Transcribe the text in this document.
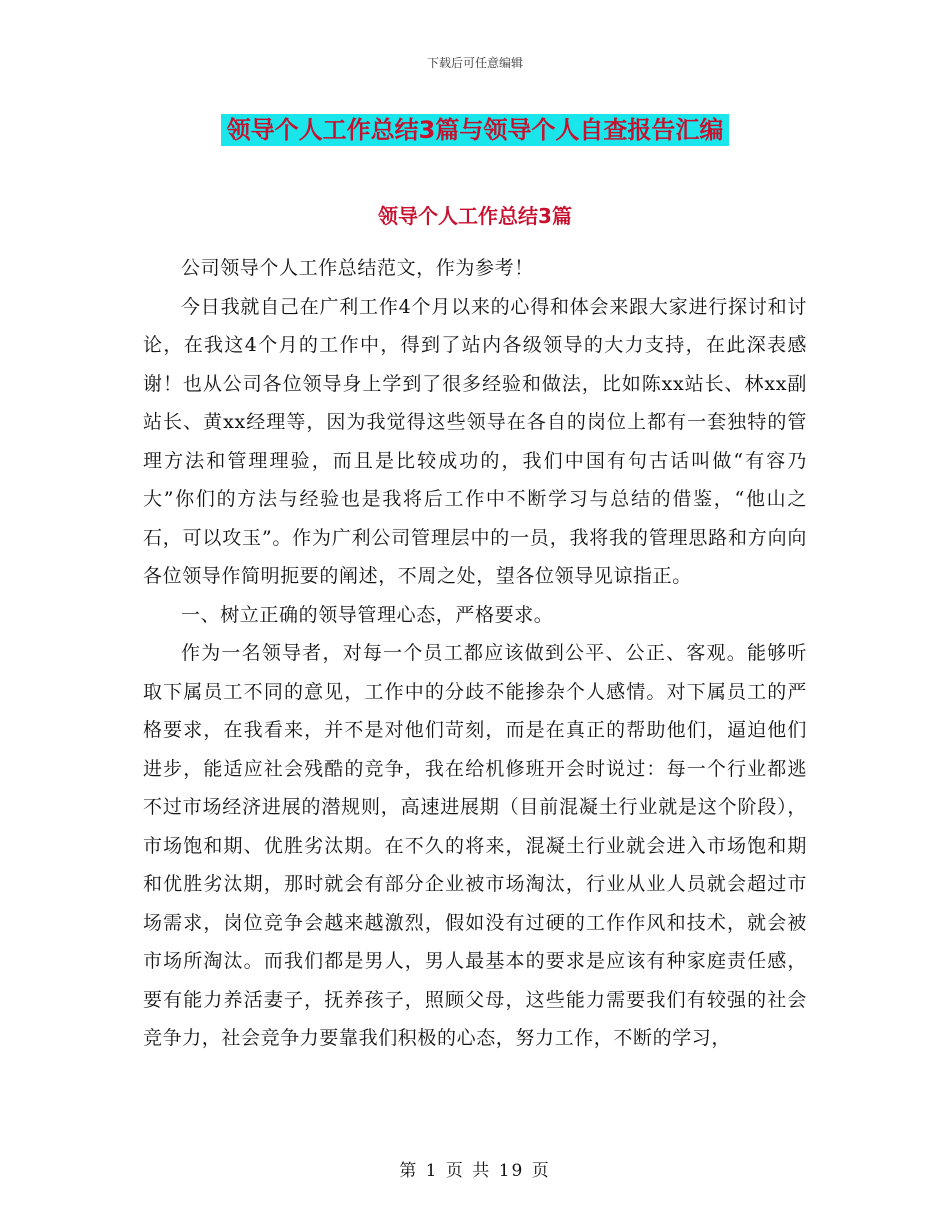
下载后可任意编辑
领导个人工作总结3篇与领导个人自查报告汇编
领导个人工作总结3篇

公司领导个人工作总结范文，作为参考！

今日我就自己在广利工作4个月以来的心得和体会来跟大家进行探讨和讨论，在我这4个月的工作中，得到了站内各级领导的大力支持，在此深表感谢！也从公司各位领导身上学到了很多经验和做法，比如陈xx站长、林xx副站长、黄xx经理等，因为我觉得这些领导在各自的岗位上都有一套独特的管理方法和管理理验，而且是比较成功的，我们中国有句古话叫做“有容乃大”你们的方法与经验也是我将后工作中不断学习与总结的借鉴，“他山之石，可以攻玉”。作为广利公司管理层中的一员，我将我的管理思路和方向向各位领导作简明扼要的阐述，不周之处，望各位领导见谅指正。

一、树立正确的领导管理心态，严格要求。

作为一名领导者，对每一个员工都应该做到公平、公正、客观。能够听取下属员工不同的意见，工作中的分歧不能掺杂个人感情。对下属员工的严格要求，在我看来，并不是对他们苛刻，而是在真正的帮助他们，逼迫他们进步，能适应社会残酷的竞争，我在给机修班开会时说过：每一个行业都逃不过市场经济进展的潜规则，高速进展期（目前混凝土行业就是这个阶段），市场饱和期、优胜劣汰期。在不久的将来，混凝土行业就会进入市场饱和期和优胜劣汰期，那时就会有部分企业被市场淘汰，行业从业人员就会超过市场需求，岗位竞争会越来越激烈，假如没有过硬的工作作风和技术，就会被市场所淘汰。而我们都是男人，男人最基本的要求是应该有种家庭责任感，要有能力养活妻子，抚养孩子，照顾父母，这些能力需要我们有较强的社会竞争力，社会竞争力要靠我们积极的心态，努力工作，不断的学习，

第 1 页 共 19 页
